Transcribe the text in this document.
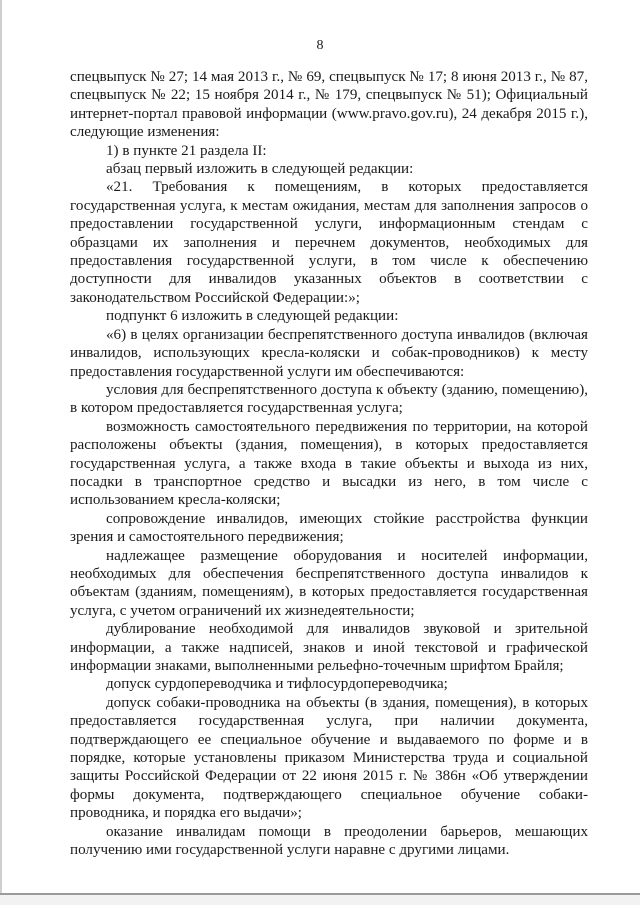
8

спецвыпуск № 27; 14 мая 2013 г., № 69, спецвыпуск № 17; 8 июня 2013 г., № 87, спецвыпуск № 22; 15 ноября 2014 г., № 179, спецвыпуск № 51); Официальный интернет-портал правовой информации (www.pravo.gov.ru), 24 декабря 2015 г.), следующие изменения:

1) в пункте 21 раздела II:

абзац первый изложить в следующей редакции:

«21. Требования к помещениям, в которых предоставляется государственная услуга, к местам ожидания, местам для заполнения запросов о предоставлении государственной услуги, информационным стендам с образцами их заполнения и перечнем документов, необходимых для предоставления государственной услуги, в том числе к обеспечению доступности для инвалидов указанных объектов в соответствии с законодательством Российской Федерации:»;

подпункт 6 изложить в следующей редакции:

«6) в целях организации беспрепятственного доступа инвалидов (включая инвалидов, использующих кресла-коляски и собак-проводников) к месту предоставления государственной услуги им обеспечиваются:

условия для беспрепятственного доступа к объекту (зданию, помещению), в котором предоставляется государственная услуга;

возможность самостоятельного передвижения по территории, на которой расположены объекты (здания, помещения), в которых предоставляется государственная услуга, а также входа в такие объекты и выхода из них, посадки в транспортное средство и высадки из него, в том числе с использованием кресла-коляски;

сопровождение инвалидов, имеющих стойкие расстройства функции зрения и самостоятельного передвижения;

надлежащее размещение оборудования и носителей информации, необходимых для обеспечения беспрепятственного доступа инвалидов к объектам (зданиям, помещениям), в которых предоставляется государственная услуга, с учетом ограничений их жизнедеятельности;

дублирование необходимой для инвалидов звуковой и зрительной информации, а также надписей, знаков и иной текстовой и графической информации знаками, выполненными рельефно-точечным шрифтом Брайля;

допуск сурдопереводчика и тифлосурдопереводчика;

допуск собаки-проводника на объекты (в здания, помещения), в которых предоставляется государственная услуга, при наличии документа, подтверждающего ее специальное обучение и выдаваемого по форме и в порядке, которые установлены приказом Министерства труда и социальной защиты Российской Федерации от 22 июня 2015 г. № 386н «Об утверждении формы документа, подтверждающего специальное обучение собаки-проводника, и порядка его выдачи»;

оказание инвалидам помощи в преодолении барьеров, мешающих получению ими государственной услуги наравне с другими лицами.
